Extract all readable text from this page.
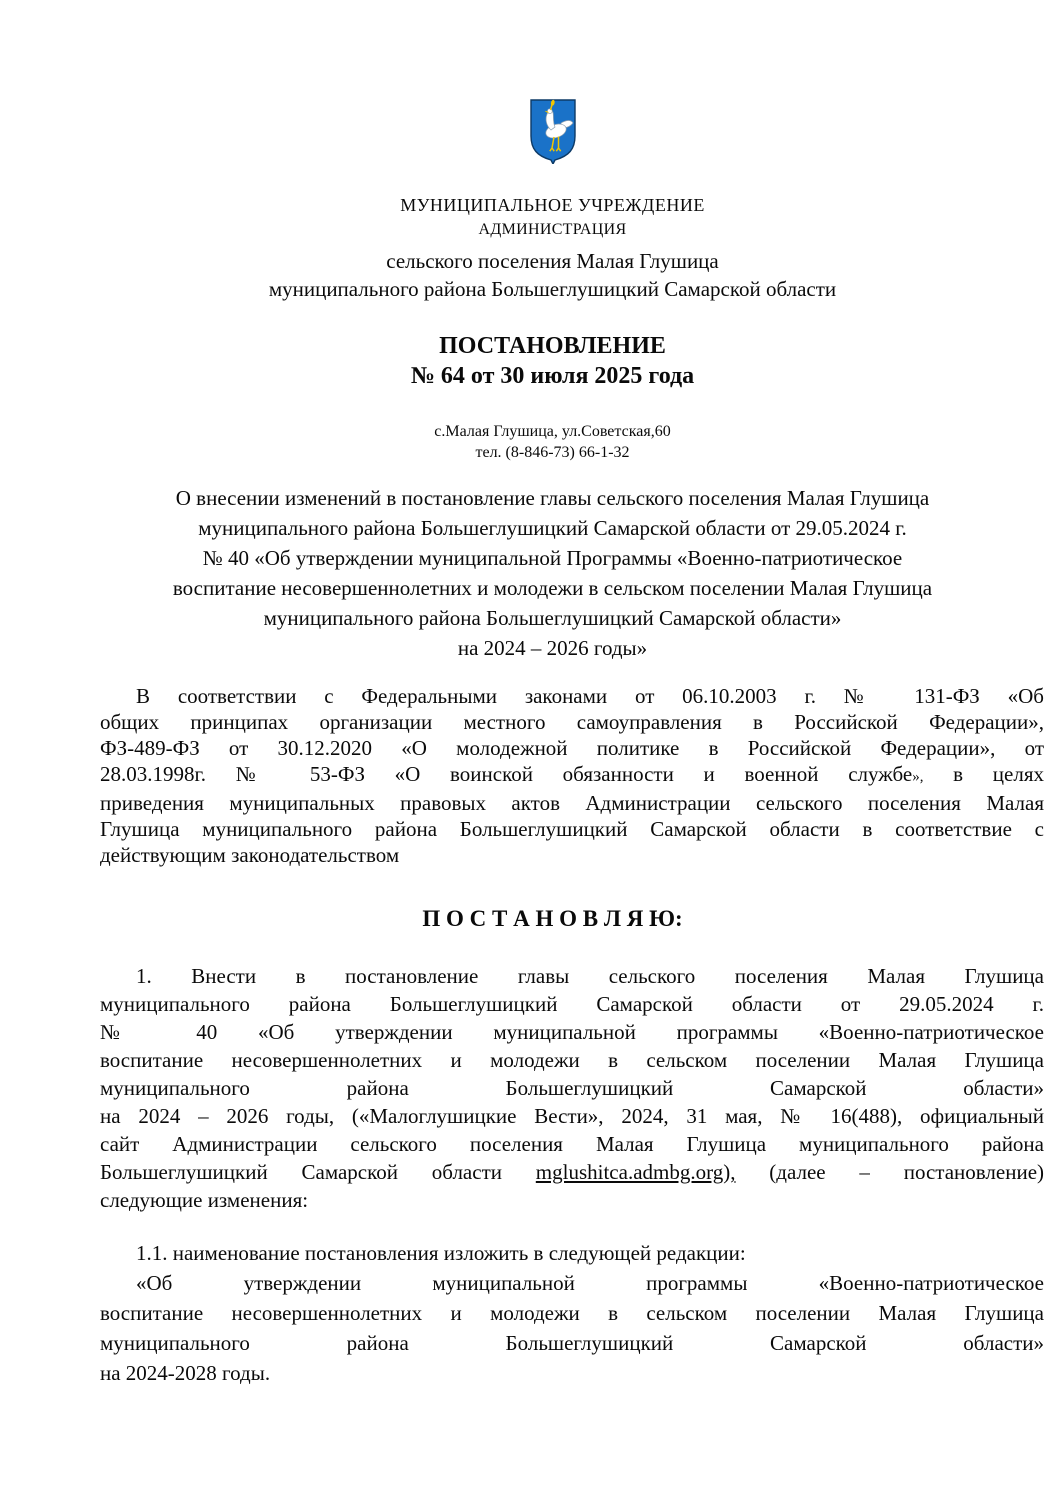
МУНИЦИПАЛЬНОЕ УЧРЕЖДЕНИЕ
АДМИНИСТРАЦИЯ
сельского поселения Малая Глушица
муниципального района Большеглушицкий Самарской области
ПОСТАНОВЛЕНИЕ
№ 64 от 30 июля 2025 года
с.Малая Глушица, ул.Советская,60
тел. (8-846-73) 66-1-32
О внесении изменений в постановление главы сельского поселения Малая Глушица
муниципального района Большеглушицкий Самарской области от 29.05.2024 г.
№ 40 «Об утверждении муниципальной Программы «Военно-патриотическое
воспитание несовершеннолетних и молодежи в сельском поселении Малая Глушица
муниципального района Большеглушицкий Самарской области»
на 2024 – 2026 годы»
В соответствии с Федеральными законами от 06.10.2003 г. № 131-ФЗ «Об
общих принципах организации местного самоуправления в Российской Федерации»,
ФЗ-489-ФЗ от 30.12.2020 «О молодежной политике в Российской Федерации», от
28.03.1998г. № 53-ФЗ «О воинской обязанности и военной службе», в целях
приведения муниципальных правовых актов Администрации сельского поселения Малая
Глушица муниципального района Большеглушицкий Самарской области в соответствие с
действующим законодательством
П О С Т А Н О В Л Я Ю:
1. Внести в постановление главы сельского поселения Малая Глушица
муниципального района Большеглушицкий Самарской области от 29.05.2024 г.
№ 40 «Об утверждении муниципальной программы «Военно-патриотическое
воспитание несовершеннолетних и молодежи в сельском поселении Малая Глушица
муниципального района Большеглушицкий Самарской области»
на 2024 – 2026 годы, («Малоглушицкие Вести», 2024, 31 мая, № 16(488), официальный
сайт Администрации сельского поселения Малая Глушица муниципального района
Большеглушицкий Самарской области mglushitca.admbg.org), (далее – постановление)
следующие изменения:
1.1. наименование постановления изложить в следующей редакции:
«Об утверждении муниципальной программы «Военно-патриотическое
воспитание несовершеннолетних и молодежи в сельском поселении Малая Глушица
муниципального района Большеглушицкий Самарской области»
на 2024-2028 годы.
